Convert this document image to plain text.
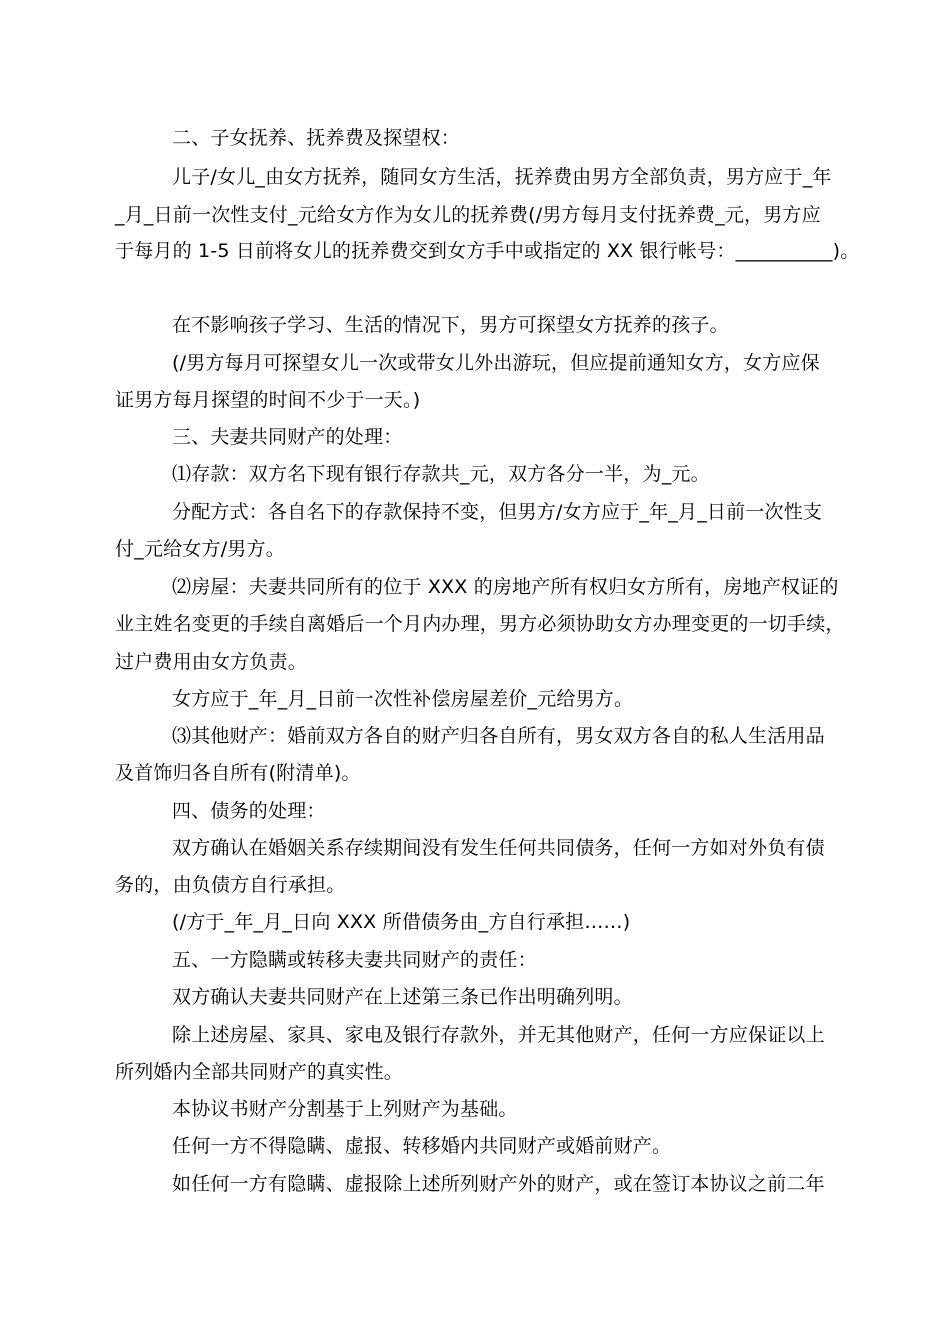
二、子女抚养、抚养费及探望权：
儿子/女儿_由女方抚养，随同女方生活，抚养费由男方全部负责，男方应于_年
_月_日前一次性支付_元给女方作为女儿的抚养费(/男方每月支付抚养费_元，男方应
于每月的 1-5 日前将女儿的抚养费交到女方手中或指定的 XX 银行帐号：__________)。
在不影响孩子学习、生活的情况下，男方可探望女方抚养的孩子。
(/男方每月可探望女儿一次或带女儿外出游玩，但应提前通知女方，女方应保
证男方每月探望的时间不少于一天。)
三、夫妻共同财产的处理：
⑴存款：双方名下现有银行存款共_元，双方各分一半，为_元。
分配方式：各自名下的存款保持不变，但男方/女方应于_年_月_日前一次性支
付_元给女方/男方。
⑵房屋：夫妻共同所有的位于 XXX 的房地产所有权归女方所有，房地产权证的
业主姓名变更的手续自离婚后一个月内办理，男方必须协助女方办理变更的一切手续，
过户费用由女方负责。
女方应于_年_月_日前一次性补偿房屋差价_元给男方。
⑶其他财产：婚前双方各自的财产归各自所有，男女双方各自的私人生活用品
及首饰归各自所有(附清单)。
四、债务的处理：
双方确认在婚姻关系存续期间没有发生任何共同债务，任何一方如对外负有债
务的，由负债方自行承担。
(/方于_年_月_日向 XXX 所借债务由_方自行承担……)
五、一方隐瞒或转移夫妻共同财产的责任：
双方确认夫妻共同财产在上述第三条已作出明确列明。
除上述房屋、家具、家电及银行存款外，并无其他财产，任何一方应保证以上
所列婚内全部共同财产的真实性。
本协议书财产分割基于上列财产为基础。
任何一方不得隐瞒、虚报、转移婚内共同财产或婚前财产。
如任何一方有隐瞒、虚报除上述所列财产外的财产，或在签订本协议之前二年
